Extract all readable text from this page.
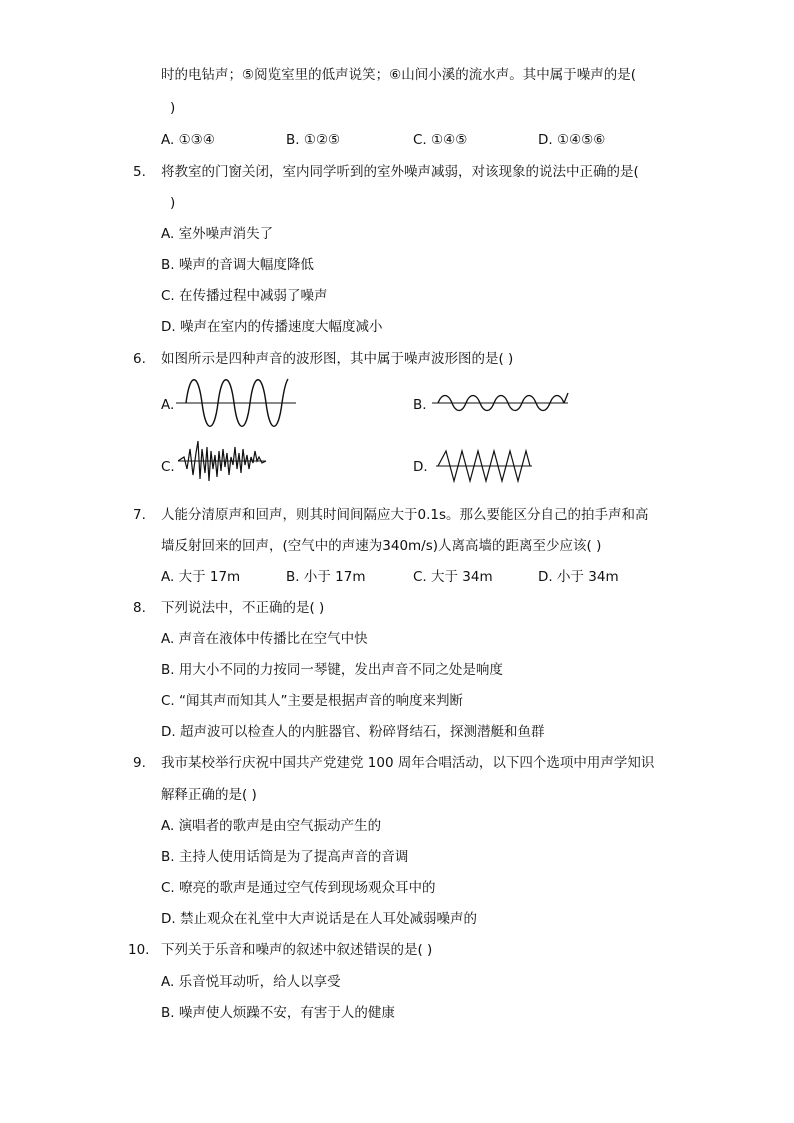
时的电钻声；⑤阅览室里的低声说笑；⑥山间小溪的流水声。其中属于噪声的是(
)
A. ①③④	B. ①②⑤	C. ①④⑤	D. ①④⑤⑥
5. 将教室的门窗关闭，室内同学听到的室外噪声减弱，对该现象的说法中正确的是(
)
A. 室外噪声消失了
B. 噪声的音调大幅度降低
C. 在传播过程中减弱了噪声
D. 噪声在室内的传播速度大幅度减小
6. 如图所示是四种声音的波形图，其中属于噪声波形图的是( )
A.	B.
C.	D.
7. 人能分清原声和回声，则其时间间隔应大于0.1s。那么要能区分自己的拍手声和高
墙反射回来的回声，(空气中的声速为340m/s)人离高墙的距离至少应该( )
A. 大于 17m	B. 小于 17m	C. 大于 34m	D. 小于 34m
8. 下列说法中，不正确的是( )
A. 声音在液体中传播比在空气中快
B. 用大小不同的力按同一琴键，发出声音不同之处是响度
C. “闻其声而知其人”主要是根据声音的响度来判断
D. 超声波可以检查人的内脏器官、粉碎肾结石，探测潜艇和鱼群
9. 我市某校举行庆祝中国共产党建党 100 周年合唱活动，以下四个选项中用声学知识
解释正确的是( )
A. 演唱者的歌声是由空气振动产生的
B. 主持人使用话筒是为了提高声音的音调
C. 嘹亮的歌声是通过空气传到现场观众耳中的
D. 禁止观众在礼堂中大声说话是在人耳处减弱噪声的
10. 下列关于乐音和噪声的叙述中叙述错误的是( )
A. 乐音悦耳动听，给人以享受
B. 噪声使人烦躁不安，有害于人的健康
